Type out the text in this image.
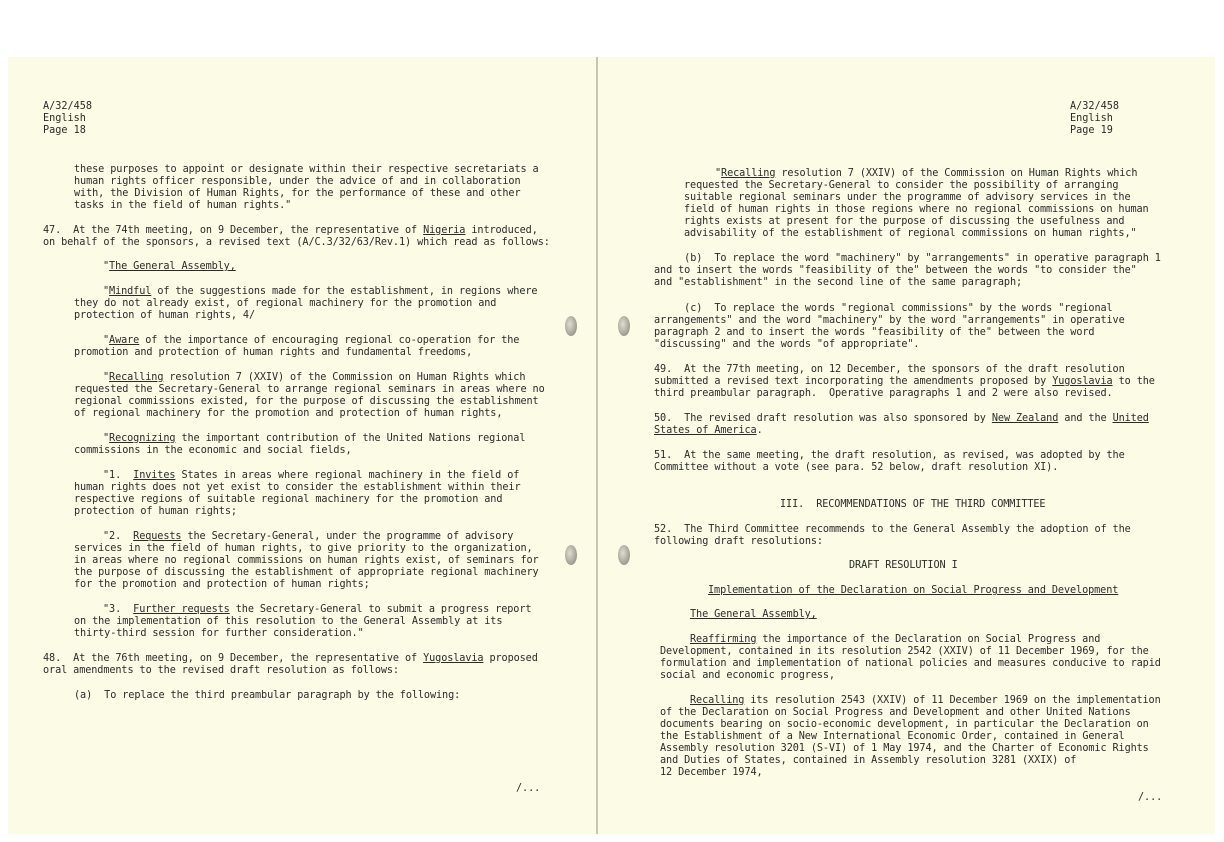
A/32/458
English
Page 18
these purposes to appoint or designate within their respective secretariats a
human rights officer responsible, under the advice of and in collaboration
with, the Division of Human Rights, for the performance of these and other
tasks in the field of human rights."
47.  At the 74th meeting, on 9 December, the representative of Nigeria introduced,
on behalf of the sponsors, a revised text (A/C.3/32/63/Rev.1) which read as follows:
"The General Assembly,
"Mindful of the suggestions made for the establishment, in regions where
they do not already exist, of regional machinery for the promotion and
protection of human rights, 4/
"Aware of the importance of encouraging regional co-operation for the
promotion and protection of human rights and fundamental freedoms,
"Recalling resolution 7 (XXIV) of the Commission on Human Rights which
requested the Secretary-General to arrange regional seminars in areas where no
regional commissions existed, for the purpose of discussing the establishment
of regional machinery for the promotion and protection of human rights,
"Recognizing the important contribution of the United Nations regional
commissions in the economic and social fields,
"1.  Invites States in areas where regional machinery in the field of
human rights does not yet exist to consider the establishment within their
respective regions of suitable regional machinery for the promotion and
protection of human rights;
"2.  Requests the Secretary-General, under the programme of advisory
services in the field of human rights, to give priority to the organization,
in areas where no regional commissions on human rights exist, of seminars for
the purpose of discussing the establishment of appropriate regional machinery
for the promotion and protection of human rights;
"3.  Further requests the Secretary-General to submit a progress report
on the implementation of this resolution to the General Assembly at its
thirty-third session for further consideration."
48.  At the 76th meeting, on 9 December, the representative of Yugoslavia proposed
oral amendments to the revised draft resolution as follows:
(a)  To replace the third preambular paragraph by the following:
/...
A/32/458
English
Page 19
"Recalling resolution 7 (XXIV) of the Commission on Human Rights which
requested the Secretary-General to consider the possibility of arranging
suitable regional seminars under the programme of advisory services in the
field of human rights in those regions where no regional commissions on human
rights exists at present for the purpose of discussing the usefulness and
advisability of the establishment of regional commissions on human rights,"
(b)  To replace the word "machinery" by "arrangements" in operative paragraph 1
and to insert the words "feasibility of the" between the words "to consider the"
and "establishment" in the second line of the same paragraph;
(c)  To replace the words "regional commissions" by the words "regional
arrangements" and the word "machinery" by the word "arrangements" in operative
paragraph 2 and to insert the words "feasibility of the" between the word
"discussing" and the words "of appropriate".
49.  At the 77th meeting, on 12 December, the sponsors of the draft resolution
submitted a revised text incorporating the amendments proposed by Yugoslavia to the
third preambular paragraph.  Operative paragraphs 1 and 2 were also revised.
50.  The revised draft resolution was also sponsored by New Zealand and the United
States of America.
51.  At the same meeting, the draft resolution, as revised, was adopted by the
Committee without a vote (see para. 52 below, draft resolution XI).
III.  RECOMMENDATIONS OF THE THIRD COMMITTEE
52.  The Third Committee recommends to the General Assembly the adoption of the
following draft resolutions:
DRAFT RESOLUTION I
Implementation of the Declaration on Social Progress and Development
The General Assembly,
Reaffirming the importance of the Declaration on Social Progress and
Development, contained in its resolution 2542 (XXIV) of 11 December 1969, for the
formulation and implementation of national policies and measures conducive to rapid
social and economic progress,
Recalling its resolution 2543 (XXIV) of 11 December 1969 on the implementation
of the Declaration on Social Progress and Development and other United Nations
documents bearing on socio-economic development, in particular the Declaration on
the Establishment of a New International Economic Order, contained in General
Assembly resolution 3201 (S-VI) of 1 May 1974, and the Charter of Economic Rights
and Duties of States, contained in Assembly resolution 3281 (XXIX) of
12 December 1974,
/...
